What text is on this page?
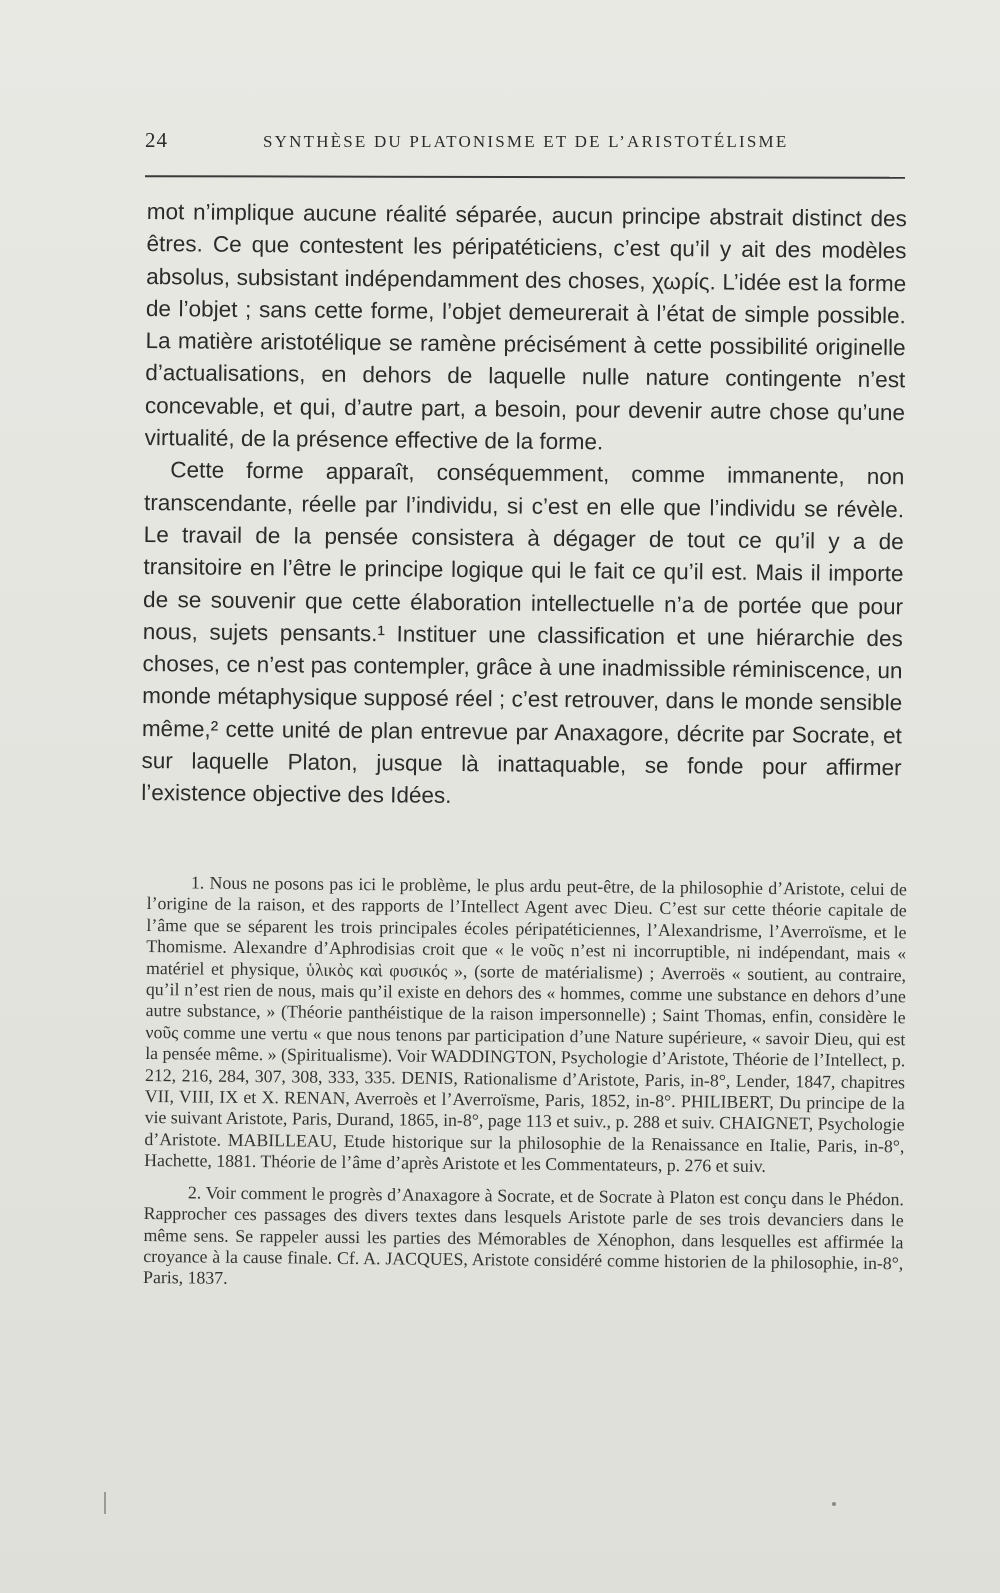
24	SYNTHÈSE DU PLATONISME ET DE L’ARISTOTÉLISME

mot n’implique aucune réalité séparée, aucun principe abstrait distinct des êtres. Ce que contestent les péripatéticiens, c’est qu’il y ait des modèles absolus, subsistant indépendamment des choses, χωρίς. L’idée est la forme de l’objet ; sans cette forme, l’objet demeurerait à l’état de simple possible. La matière aristotélique se ramène précisément à cette possibilité originelle d’actualisations, en dehors de laquelle nulle nature contingente n’est concevable, et qui, d’autre part, a besoin, pour devenir autre chose qu’une virtualité, de la présence effective de la forme.

Cette forme apparaît, conséquemment, comme immanente, non transcendante, réelle par l’individu, si c’est en elle que l’individu se révèle. Le travail de la pensée consistera à dégager de tout ce qu’il y a de transitoire en l’être le principe logique qui le fait ce qu’il est. Mais il importe de se souvenir que cette élaboration intellectuelle n’a de portée que pour nous, sujets pensants.¹ Instituer une classification et une hiérarchie des choses, ce n’est pas contempler, grâce à une inadmissible réminiscence, un monde métaphysique supposé réel ; c’est retrouver, dans le monde sensible même,² cette unité de plan entrevue par Anaxagore, décrite par Socrate, et sur laquelle Platon, jusque là inattaquable, se fonde pour affirmer l’existence objective des Idées.

1. Nous ne posons pas ici le problème, le plus ardu peut-être, de la philosophie d’Aristote, celui de l’origine de la raison, et des rapports de l’Intellect Agent avec Dieu. C’est sur cette théorie capitale de l’âme que se séparent les trois principales écoles péripatéticiennes, l’Alexandrisme, l’Averroïsme, et le Thomisme. Alexandre d’Aphrodisias croit que « le νοῦς n’est ni incorruptible, ni indépendant, mais « matériel et physique, ὑλικὸς καὶ φυσικός », (sorte de matérialisme) ; Averroës « soutient, au contraire, qu’il n’est rien de nous, mais qu’il existe en dehors des « hommes, comme une substance en dehors d’une autre substance, » (Théorie panthéistique de la raison impersonnelle) ; Saint Thomas, enfin, considère le νοῦς comme une vertu « que nous tenons par participation d’une Nature supérieure, « savoir Dieu, qui est la pensée même. » (Spiritualisme). Voir WADDINGTON, Psychologie d’Aristote, Théorie de l’Intellect, p. 212, 216, 284, 307, 308, 333, 335. DENIS, Rationalisme d’Aristote, Paris, in-8°, Lender, 1847, chapitres VII, VIII, IX et X. RENAN, Averroès et l’Averroïsme, Paris, 1852, in-8°. PHILIBERT, Du principe de la vie suivant Aristote, Paris, Durand, 1865, in-8°, page 113 et suiv., p. 288 et suiv. CHAIGNET, Psychologie d’Aristote. MABILLEAU, Etude historique sur la philosophie de la Renaissance en Italie, Paris, in-8°, Hachette, 1881. Théorie de l’âme d’après Aristote et les Commentateurs, p. 276 et suiv.

2. Voir comment le progrès d’Anaxagore à Socrate, et de Socrate à Platon est conçu dans le Phédon. Rapprocher ces passages des divers textes dans lesquels Aristote parle de ses trois devanciers dans le même sens. Se rappeler aussi les parties des Mémorables de Xénophon, dans lesquelles est affirmée la croyance à la cause finale. Cf. A. JACQUES, Aristote considéré comme historien de la philosophie, in-8°, Paris, 1837.
